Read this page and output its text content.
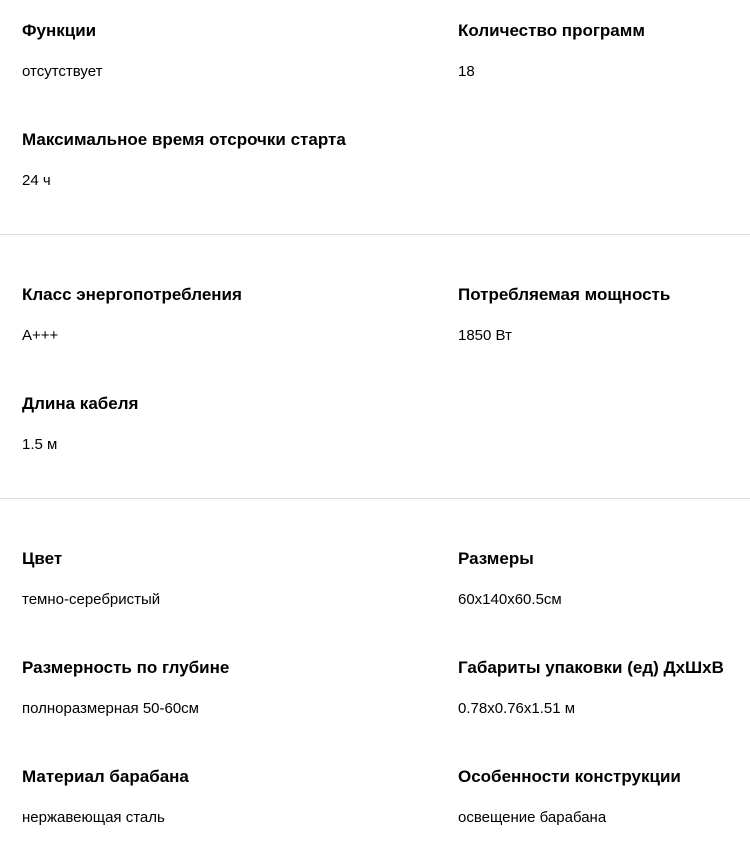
Функции
отсутствует
Количество программ
18
Максимальное время отсрочки старта
24 ч
Класс энергопотребления
A+++
Потребляемая мощность
1850 Вт
Длина кабеля
1.5 м
Цвет
темно-серебристый
Размеры
60x140x60.5см
Размерность по глубине
полноразмерная 50-60см
Габариты упаковки (ед) ДxШxВ
0.78x0.76x1.51 м
Материал барабана
нержавеющая сталь
Особенности конструкции
освещение барабана
